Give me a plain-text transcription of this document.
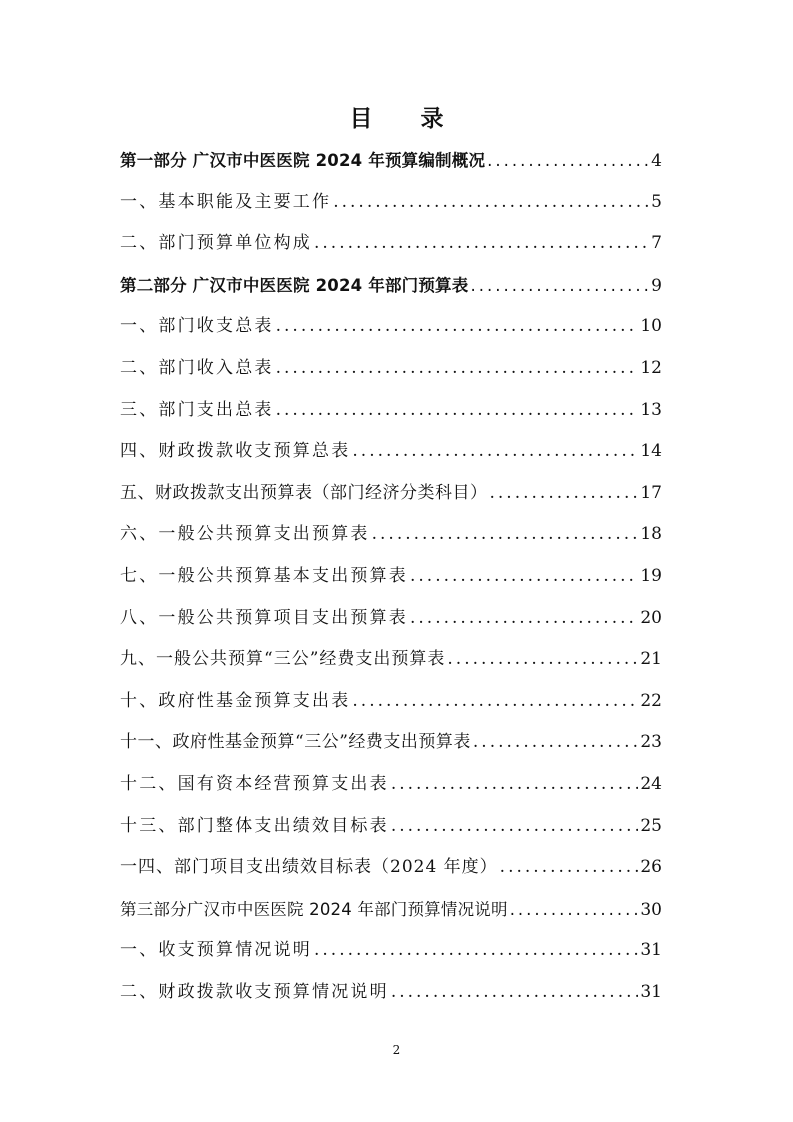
目 录
第一部分 广汉市中医医院 2024 年预算编制概况 .....	4
一、基本职能及主要工作 .....	5
二、部门预算单位构成 .....	7
第二部分 广汉市中医医院 2024 年部门预算表 .....	9
一、部门收支总表 .....	10
二、部门收入总表 .....	12
三、部门支出总表 .....	13
四、财政拨款收支预算总表 .....	14
五、财政拨款支出预算表（部门经济分类科目） .....	17
六、一般公共预算支出预算表 .....	18
七、一般公共预算基本支出预算表 .....	19
八、一般公共预算项目支出预算表 .....	20
九、一般公共预算“三公”经费支出预算表 .....	21
十、政府性基金预算支出表 .....	22
十一、政府性基金预算“三公”经费支出预算表 .....	23
十二、国有资本经营预算支出表 .....	24
十三、部门整体支出绩效目标表 .....	25
一四、部门项目支出绩效目标表（2024 年度） .....	26
第三部分广汉市中医医院 2024 年部门预算情况说明 .....	30
一、收支预算情况说明 .....	31
二、财政拨款收支预算情况说明 .....	31
2
